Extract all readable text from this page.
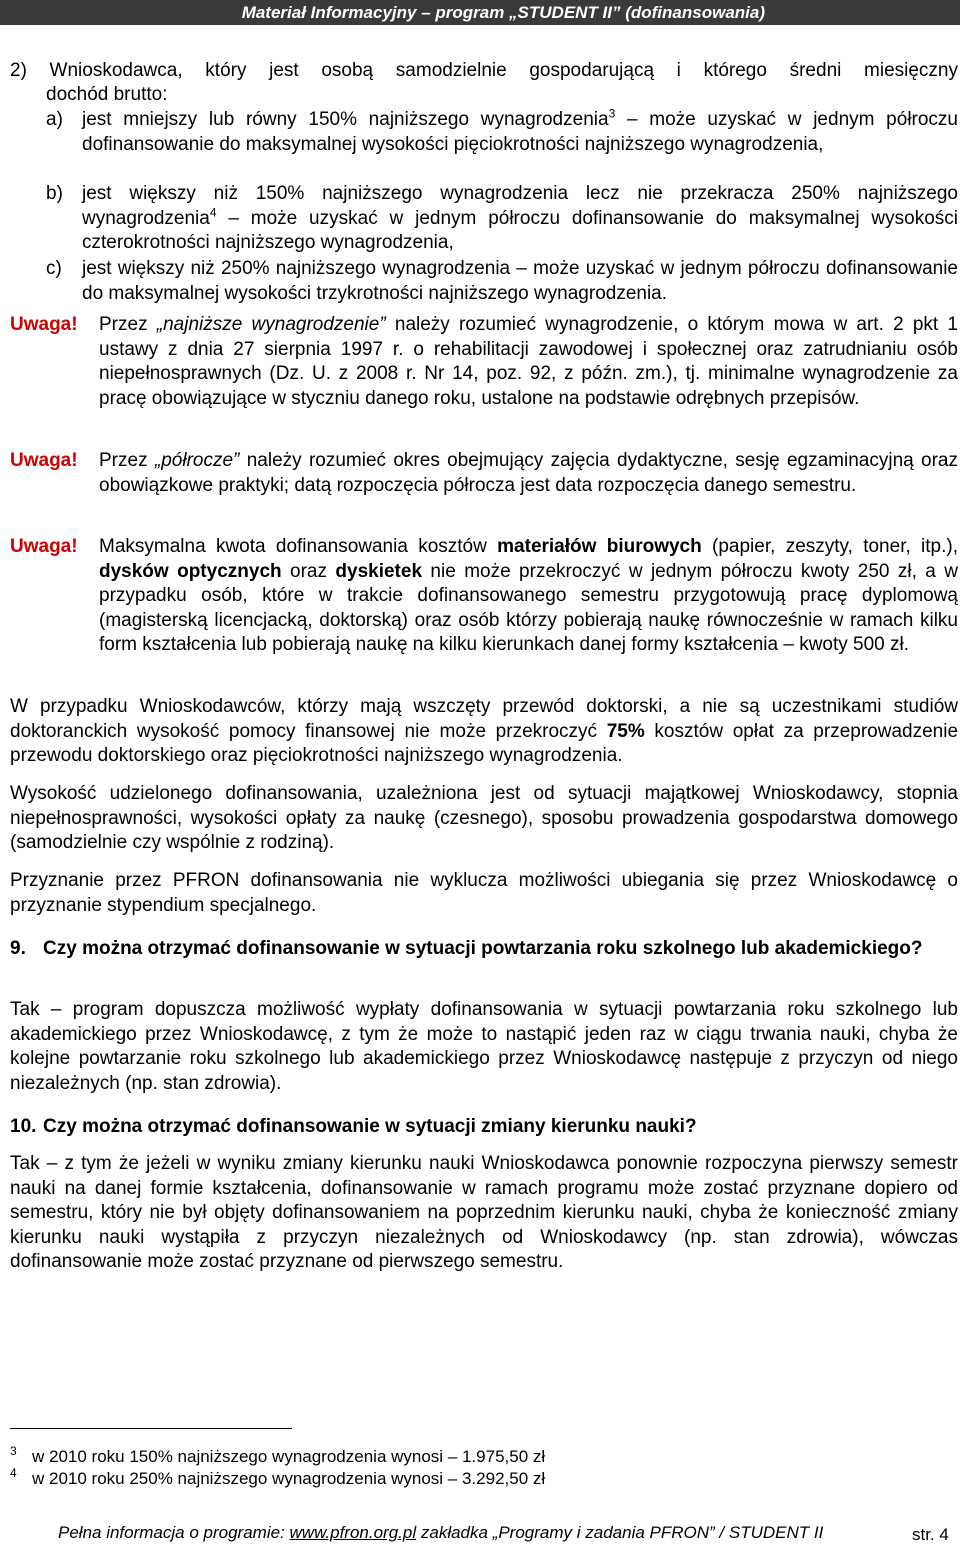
Materiał Informacyjny – program „STUDENT II” (dofinansowania)
2) Wnioskodawca, który jest osobą samodzielnie gospodarującą i którego średni miesięczny
dochód brutto:
a) jest mniejszy lub równy 150% najniższego wynagrodzenia$^3$ – może uzyskać w jednym półroczu dofinansowanie do maksymalnej wysokości pięciokrotności najniższego wynagrodzenia,
b) jest większy niż 150% najniższego wynagrodzenia lecz nie przekracza 250% najniższego wynagrodzenia$^4$ – może uzyskać w jednym półroczu dofinansowanie do maksymalnej wysokości czterokrotności najniższego wynagrodzenia,
c) jest większy niż 250% najniższego wynagrodzenia – może uzyskać w jednym półroczu dofinansowanie do maksymalnej wysokości trzykrotności najniższego wynagrodzenia.
Uwaga! Przez „najniższe wynagrodzenie” należy rozumieć wynagrodzenie, o którym mowa w art. 2 pkt 1 ustawy z dnia 27 sierpnia 1997 r. o rehabilitacji zawodowej i społecznej oraz zatrudnianiu osób niepełnosprawnych (Dz. U. z 2008 r. Nr 14, poz. 92, z późn. zm.), tj. minimalne wynagrodzenie za pracę obowiązujące w styczniu danego roku, ustalone na podstawie odrębnych przepisów.
Uwaga! Przez „półrocze” należy rozumieć okres obejmujący zajęcia dydaktyczne, sesję egzaminacyjną oraz obowiązkowe praktyki; datą rozpoczęcia półrocza jest data rozpoczęcia danego semestru.
Uwaga! Maksymalna kwota dofinansowania kosztów materiałów biurowych (papier, zeszyty, toner, itp.), dysków optycznych oraz dyskietek nie może przekroczyć w jednym półroczu kwoty 250 zł, a w przypadku osób, które w trakcie dofinansowanego semestru przygotowują pracę dyplomową (magisterską licencjacką, doktorską) oraz osób którzy pobierają naukę równocześnie w ramach kilku form kształcenia lub pobierają naukę na kilku kierunkach danej formy kształcenia – kwoty 500 zł.
W przypadku Wnioskodawców, którzy mają wszczęty przewód doktorski, a nie są uczestnikami studiów doktoranckich wysokość pomocy finansowej nie może przekroczyć 75% kosztów opłat za przeprowadzenie przewodu doktorskiego oraz pięciokrotności najniższego wynagrodzenia.
Wysokość udzielonego dofinansowania, uzależniona jest od sytuacji majątkowej Wnioskodawcy, stopnia niepełnosprawności, wysokości opłaty za naukę (czesnego), sposobu prowadzenia gospodarstwa domowego (samodzielnie czy wspólnie z rodziną).
Przyznanie przez PFRON dofinansowania nie wyklucza możliwości ubiegania się przez Wnioskodawcę o przyznanie stypendium specjalnego.
9. Czy można otrzymać dofinansowanie w sytuacji powtarzania roku szkolnego lub akademickiego?
Tak – program dopuszcza możliwość wypłaty dofinansowania w sytuacji powtarzania roku szkolnego lub akademickiego przez Wnioskodawcę, z tym że może to nastąpić jeden raz w ciągu trwania nauki, chyba że kolejne powtarzanie roku szkolnego lub akademickiego przez Wnioskodawcę następuje z przyczyn od niego niezależnych (np. stan zdrowia).
10. Czy można otrzymać dofinansowanie w sytuacji zmiany kierunku nauki?
Tak – z tym że jeżeli w wyniku zmiany kierunku nauki Wnioskodawca ponownie rozpoczyna pierwszy semestr nauki na danej formie kształcenia, dofinansowanie w ramach programu może zostać przyznane dopiero od semestru, który nie był objęty dofinansowaniem na poprzednim kierunku nauki, chyba że konieczność zmiany kierunku nauki wystąpiła z przyczyn niezależnych od Wnioskodawcy (np. stan zdrowia), wówczas dofinansowanie może zostać przyznane od pierwszego semestru.
3 w 2010 roku 150% najniższego wynagrodzenia wynosi – 1.975,50 zł
4 w 2010 roku 250% najniższego wynagrodzenia wynosi – 3.292,50 zł
Pełna informacja o programie: www.pfron.org.pl zakładka „Programy i zadania PFRON” / STUDENT II	str. 4
